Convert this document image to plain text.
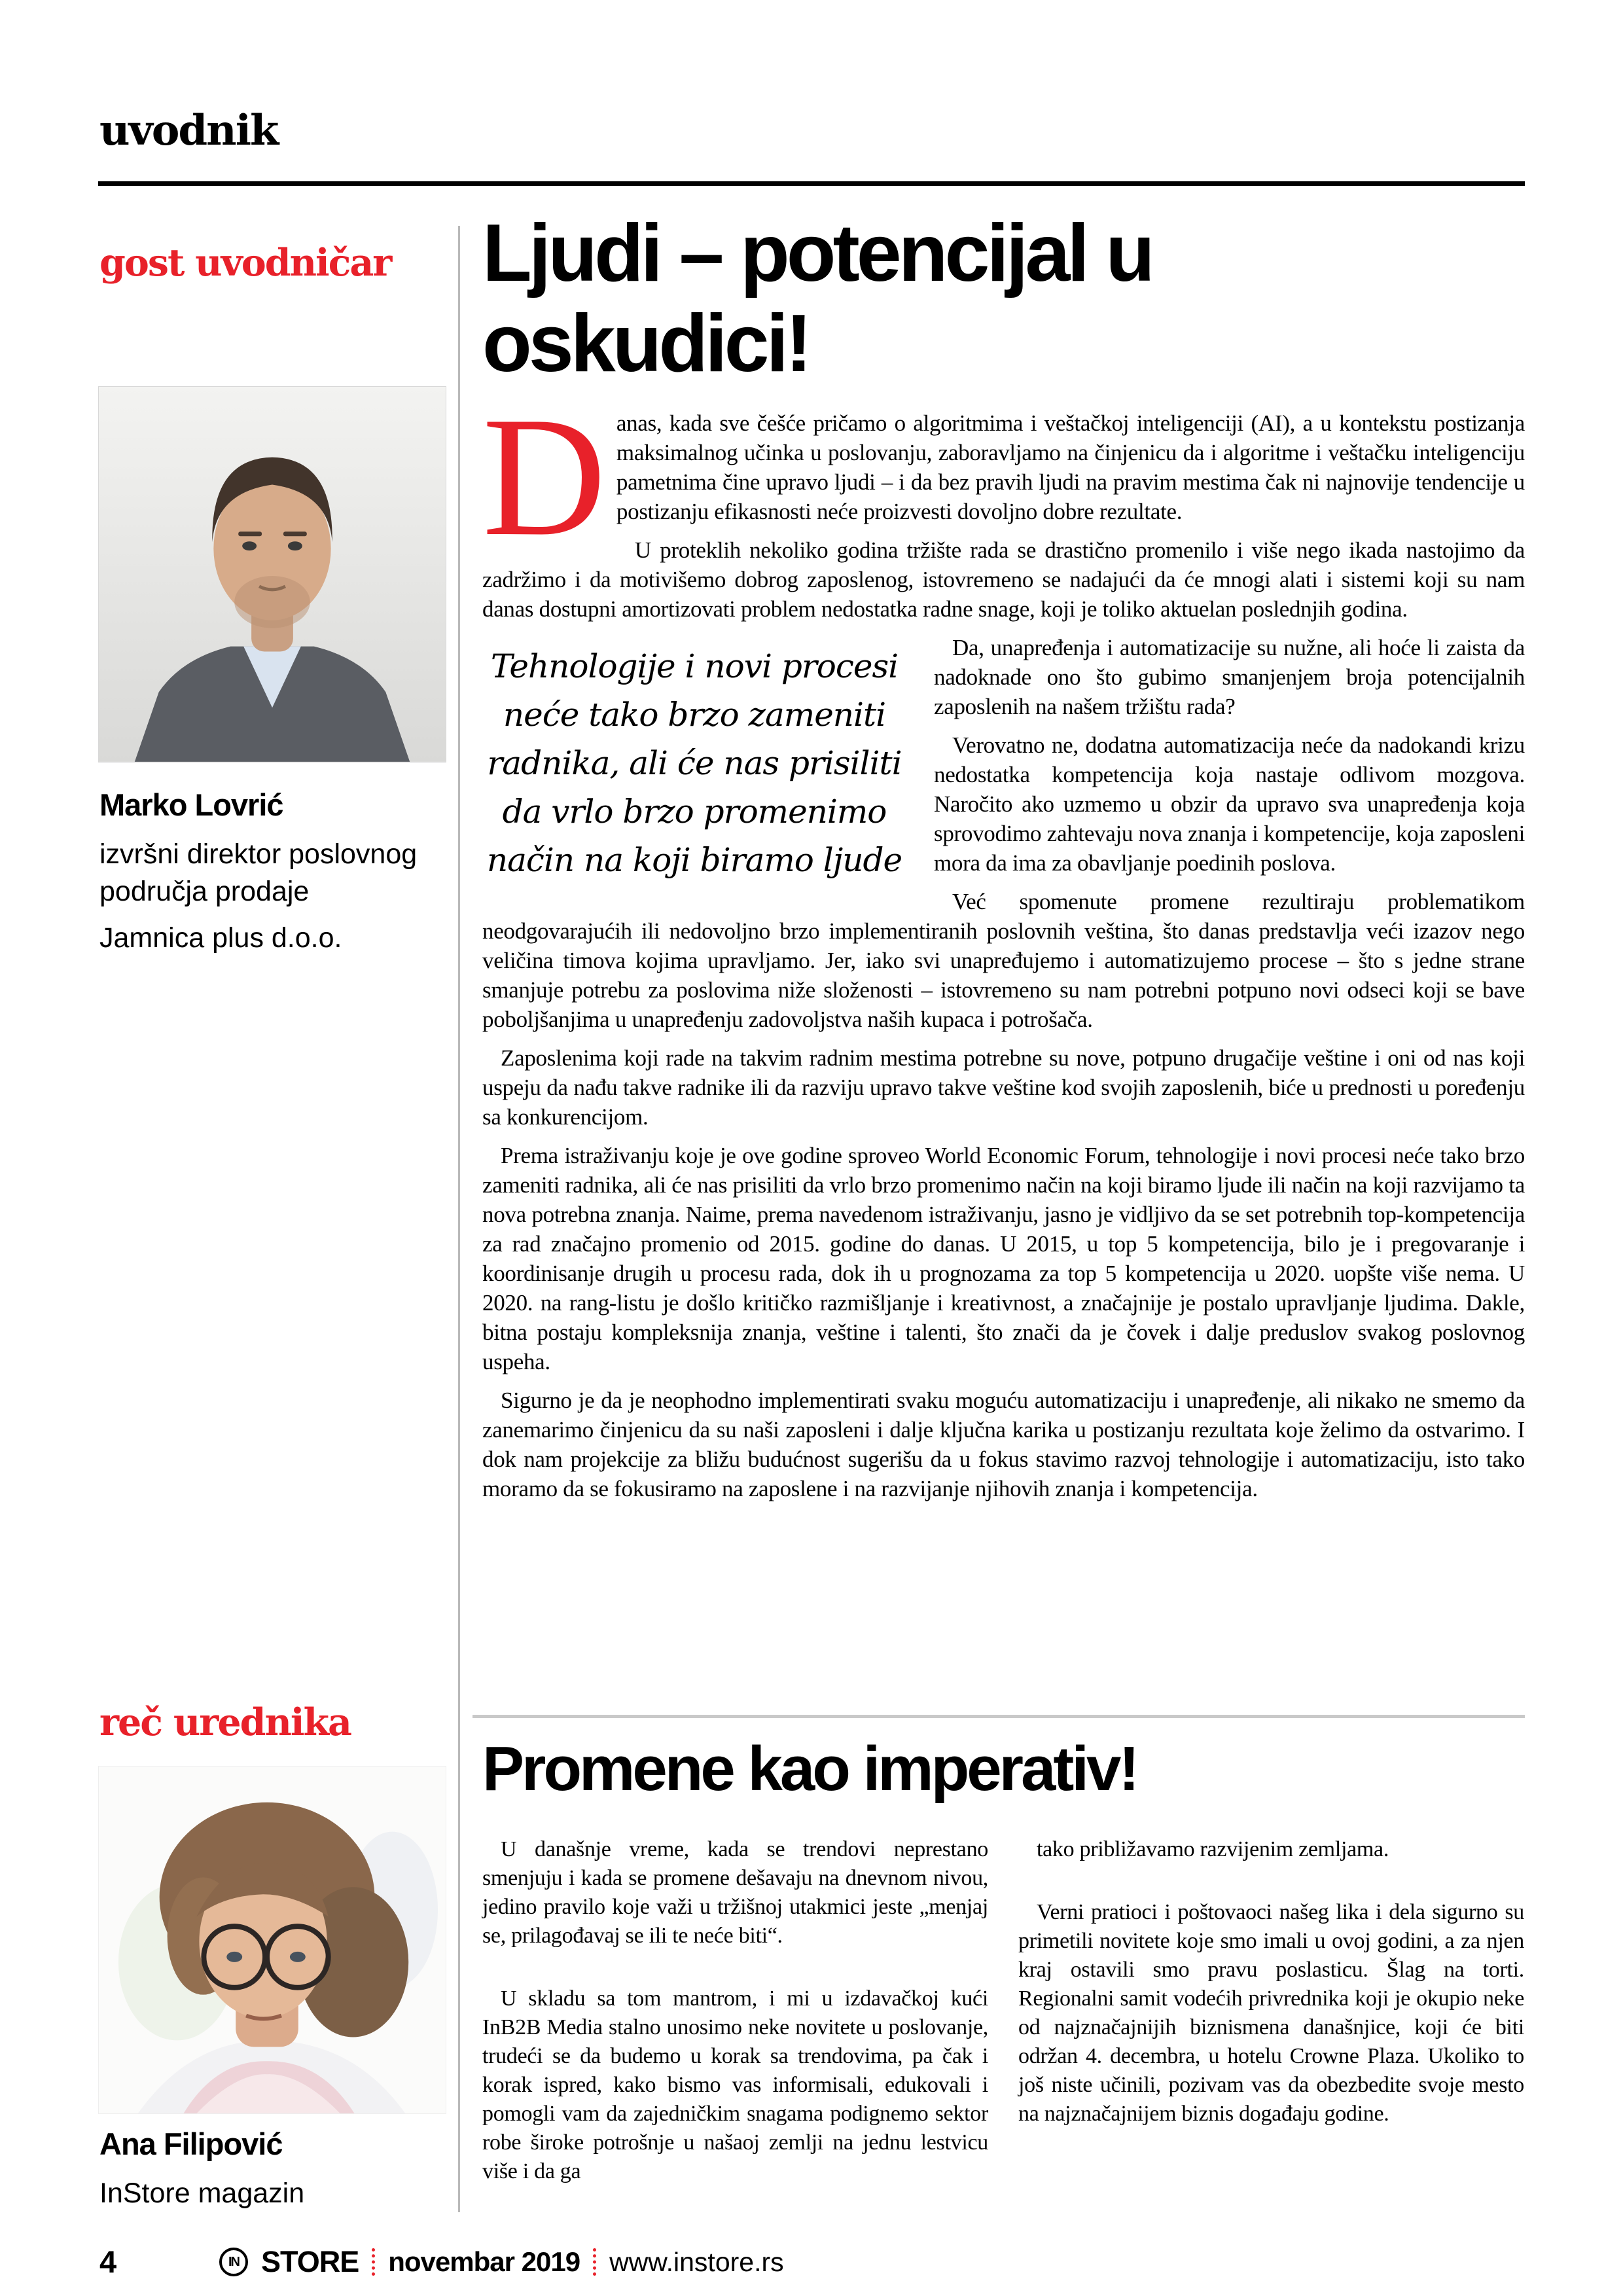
uvodnik
gost uvodničar
Marko Lovrić
izvršni direktor poslovnog
područja prodaje
Jamnica plus d.o.o.
Ljudi – potencijal u
oskudici!

D anas, kada sve češće pričamo o algoritmima i veštačkoj inteligenciji (AI), a u kontekstu postizanja maksimalnog učinka u poslovanju, zaboravljamo na činjenicu da i algoritme i veštačku inteligenciju pametnima čine upravo ljudi – i da bez pravih ljudi na pravim mestima čak ni najnovije tendencije u postizanju efikasnosti neće proizvesti dovoljno dobre rezultate.

U proteklih nekoliko godina tržište rada se drastično promenilo i više nego ikada nastojimo da zadržimo i da motivišemo dobrog zaposlenog, istovremeno se nadajući da će mnogi alati i sistemi koji su nam danas dostupni amortizovati problem nedostatka radne snage, koji je toliko aktuelan poslednjih godina.

Tehnologije i novi procesi neće tako brzo zameniti radnika, ali će nas prisiliti da vrlo brzo promenimo način na koji biramo ljude

Da, unapređenja i automatizacije su nužne, ali hoće li zaista da nadoknade ono što gubimo smanjenjem broja potencijalnih zaposlenih na našem tržištu rada?

Verovatno ne, dodatna automatizacija neće da nadokandi krizu nedostatka kompetencija koja nastaje odlivom mozgova. Naročito ako uzmemo u obzir da upravo sva unapređenja koja sprovodimo zahtevaju nova znanja i kompetencije, koja zaposleni mora da ima za obavljanje poedinih poslova.

Već spomenute promene rezultiraju problematikom neodgovarajućih ili nedovoljno brzo implementiranih poslovnih veština, što danas predstavlja veći izazov nego veličina timova kojima upravljamo. Jer, iako svi unapređujemo i automatizujemo procese – što s jedne strane smanjuje potrebu za poslovima niže složenosti – istovremeno su nam potrebni potpuno novi odseci koji se bave poboljšanjima u unapređenju zadovoljstva naših kupaca i potrošača.

Zaposlenima koji rade na takvim radnim mestima potrebne su nove, potpuno drugačije veštine i oni od nas koji uspeju da nađu takve radnike ili da razviju upravo takve veštine kod svojih zaposlenih, biće u prednosti u poređenju sa konkurencijom.

Prema istraživanju koje je ove godine sproveo World Economic Forum, tehnologije i novi procesi neće tako brzo zameniti radnika, ali će nas prisiliti da vrlo brzo promenimo način na koji biramo ljude ili način na koji razvijamo ta nova potrebna znanja. Naime, prema navedenom istraživanju, jasno je vidljivo da se set potrebnih top-kompetencija za rad značajno promenio od 2015. godine do danas. U 2015, u top 5 kompetencija, bilo je i pregovaranje i koordinisanje drugih u procesu rada, dok ih u prognozama za top 5 kompetencija u 2020. uopšte više nema. U 2020. na rang-listu je došlo kritičko razmišljanje i kreativnost, a značajnije je postalo upravljanje ljudima. Dakle, bitna postaju kompleksnija znanja, veštine i talenti, što znači da je čovek i dalje preduslov svakog poslovnog uspeha.

Sigurno je da je neophodno implementirati svaku moguću automatizaciju i unapređenje, ali nikako ne smemo da zanemarimo činjenicu da su naši zaposleni i dalje ključna karika u postizanju rezultata koje želimo da ostvarimo. I dok nam projekcije za bližu budućnost sugerišu da u fokus stavimo razvoj tehnologije i automatizaciju, isto tako moramo da se fokusiramo na zaposlene i na razvijanje njihovih znanja i kompetencija.

reč urednika
Ana Filipović
InStore magazin
Promene kao imperativ!

U današnje vreme, kada se trendovi neprestano smenjuju i kada se promene dešavaju na dnevnom nivou, jedino pravilo koje važi u tržišnoj utakmici jeste „menjaj se, prilagođavaj se ili te neće biti“.

U skladu sa tom mantrom, i mi u izdavačkoj kući InB2B Media stalno unosimo neke novitete u poslovanje, trudeći se da budemo u korak sa trendovima, pa čak i korak ispred, kako bismo vas informisali, edukovali i pomogli vam da zajedničkim snagama podignemo sektor robe široke potrošnje u našaoj zemlji na jednu lestvicu više i da ga

tako približavamo razvijenim zemljama.

Verni pratioci i poštovaoci našeg lika i dela sigurno su primetili novitete koje smo imali u ovoj godini, a za njen kraj ostavili smo pravu poslasticu. Šlag na torti. Regionalni samit vodećih privrednika koji je okupio neke od najznačajnijih biznismena današnjice, koji će biti održan 4. decembra, u hotelu Crowne Plaza. Ukoliko to još niste učinili, pozivam vas da obezbedite svoje mesto na najznačajnijem biznis događaju godine.

4	IN STORE novembar 2019 www.instore.rs
